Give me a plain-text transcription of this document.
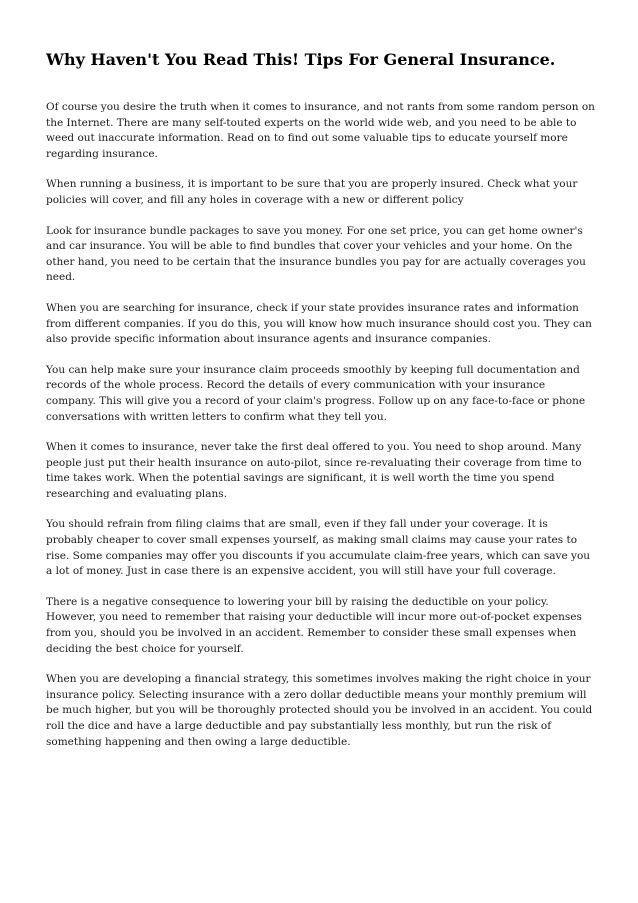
Why Haven't You Read This! Tips For General Insurance.

Of course you desire the truth when it comes to insurance, and not rants from some random person on the Internet. There are many self-touted experts on the world wide web, and you need to be able to weed out inaccurate information. Read on to find out some valuable tips to educate yourself more regarding insurance.

When running a business, it is important to be sure that you are properly insured. Check what your policies will cover, and fill any holes in coverage with a new or different policy

Look for insurance bundle packages to save you money. For one set price, you can get home owner's and car insurance. You will be able to find bundles that cover your vehicles and your home. On the other hand, you need to be certain that the insurance bundles you pay for are actually coverages you need.

When you are searching for insurance, check if your state provides insurance rates and information from different companies. If you do this, you will know how much insurance should cost you. They can also provide specific information about insurance agents and insurance companies.

You can help make sure your insurance claim proceeds smoothly by keeping full documentation and records of the whole process. Record the details of every communication with your insurance company. This will give you a record of your claim's progress. Follow up on any face-to-face or phone conversations with written letters to confirm what they tell you.

When it comes to insurance, never take the first deal offered to you. You need to shop around. Many people just put their health insurance on auto-pilot, since re-revaluating their coverage from time to time takes work. When the potential savings are significant, it is well worth the time you spend researching and evaluating plans.

You should refrain from filing claims that are small, even if they fall under your coverage. It is probably cheaper to cover small expenses yourself, as making small claims may cause your rates to rise. Some companies may offer you discounts if you accumulate claim-free years, which can save you a lot of money. Just in case there is an expensive accident, you will still have your full coverage.

There is a negative consequence to lowering your bill by raising the deductible on your policy. However, you need to remember that raising your deductible will incur more out-of-pocket expenses from you, should you be involved in an accident. Remember to consider these small expenses when deciding the best choice for yourself.

When you are developing a financial strategy, this sometimes involves making the right choice in your insurance policy. Selecting insurance with a zero dollar deductible means your monthly premium will be much higher, but you will be thoroughly protected should you be involved in an accident. You could roll the dice and have a large deductible and pay substantially less monthly, but run the risk of something happening and then owing a large deductible.
